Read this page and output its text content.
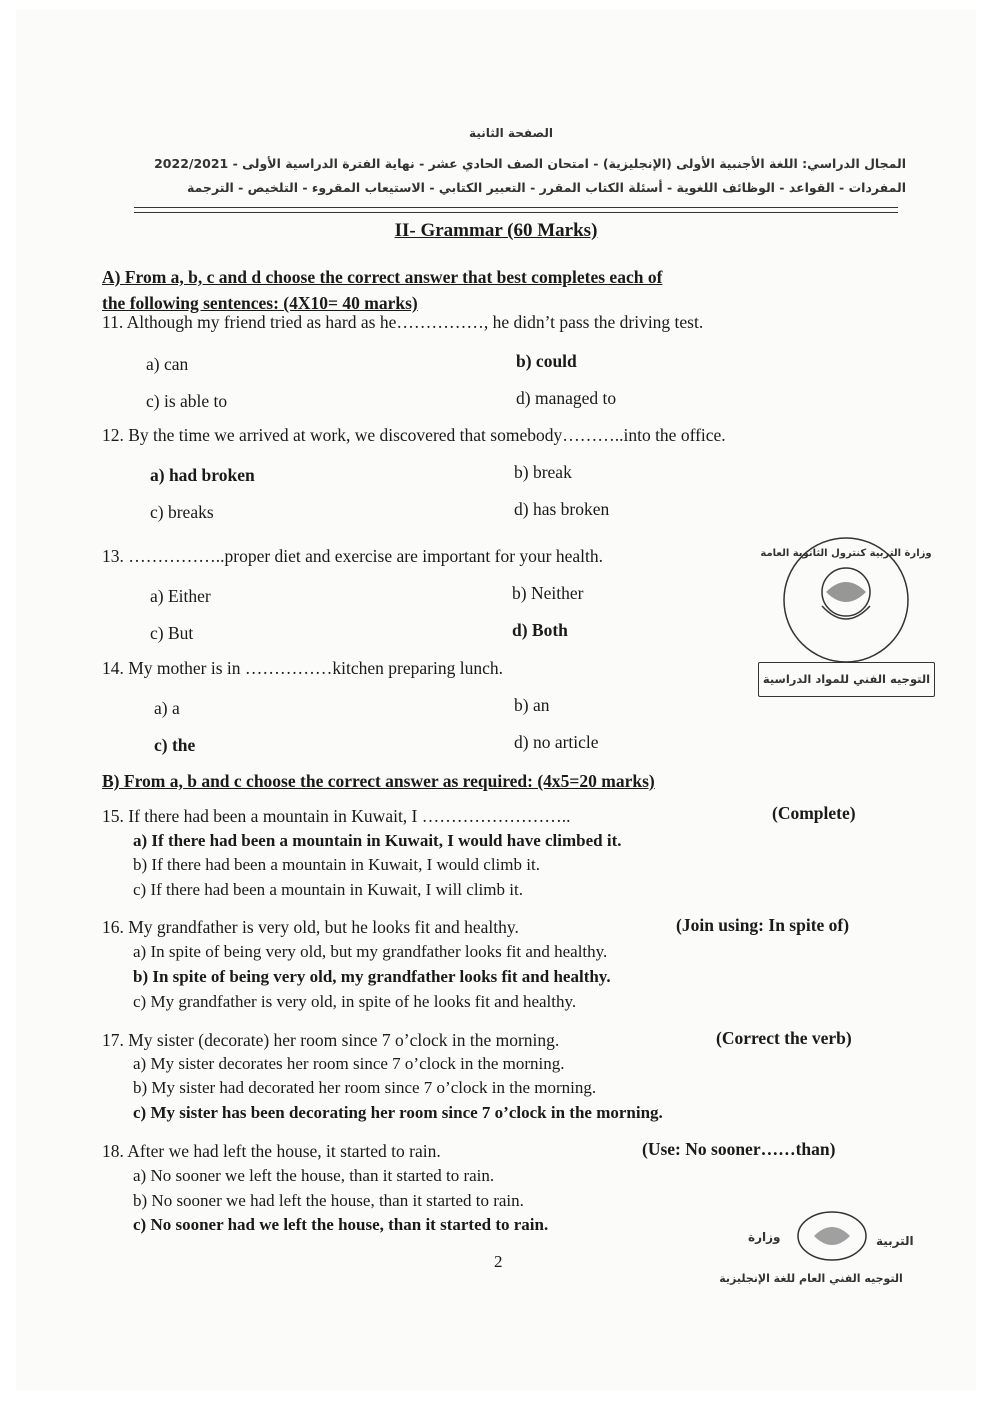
الصفحة الثانية
المجال الدراسي: اللغة الأجنبية الأولى (الإنجليزية) - امتحان الصف الحادي عشر - نهاية الفترة الدراسية الأولى - 2022/2021
المفردات - القواعد - الوظائف اللغوية - أسئلة الكتاب المقرر - التعبير الكتابي - الاستيعاب المقروء - التلخيص - الترجمة
II- Grammar (60 Marks)
A) From a, b, c and d choose the correct answer that best completes each of
the following sentences: (4X10= 40 marks)
11. Although my friend tried as hard as he……………, he didn’t pass the driving test.
a) can	b) could
c) is able to	d) managed to
12. By the time we arrived at work, we discovered that somebody………..into the office.
a) had broken	b) break
c) breaks	d) has broken
13. ……………..proper diet and exercise are important for your health.
a) Either	b) Neither
c) But	d) Both
14. My mother is in ……………kitchen preparing lunch.
a) a	b) an
c) the	d) no article
وزارة التربية كنترول الثانوية العامة
التوجيه الفني للمواد الدراسية
B) From a, b and c choose the correct answer as required: (4x5=20 marks)
15. If there had been a mountain in Kuwait, I ……………………..	(Complete)
a) If there had been a mountain in Kuwait, I would have climbed it.
b) If there had been a mountain in Kuwait, I would climb it.
c) If there had been a mountain in Kuwait, I will climb it.
16. My grandfather is very old, but he looks fit and healthy.	(Join using: In spite of)
a) In spite of being very old, but my grandfather looks fit and healthy.
b) In spite of being very old, my grandfather looks fit and healthy.
c) My grandfather is very old, in spite of he looks fit and healthy.
17. My sister (decorate) her room since 7 o’clock in the morning.	(Correct the verb)
a) My sister decorates her room since 7 o’clock in the morning.
b) My sister had decorated her room since 7 o’clock in the morning.
c) My sister has been decorating her room since 7 o’clock in the morning.
18. After we had left the house, it started to rain.	(Use: No sooner……than)
a) No sooner we left the house, than it started to rain.
b) No sooner we had left the house, than it started to rain.
c) No sooner had we left the house, than it started to rain.
2
وزارة	التربية
التوجيه الفني العام للغة الإنجليزية
